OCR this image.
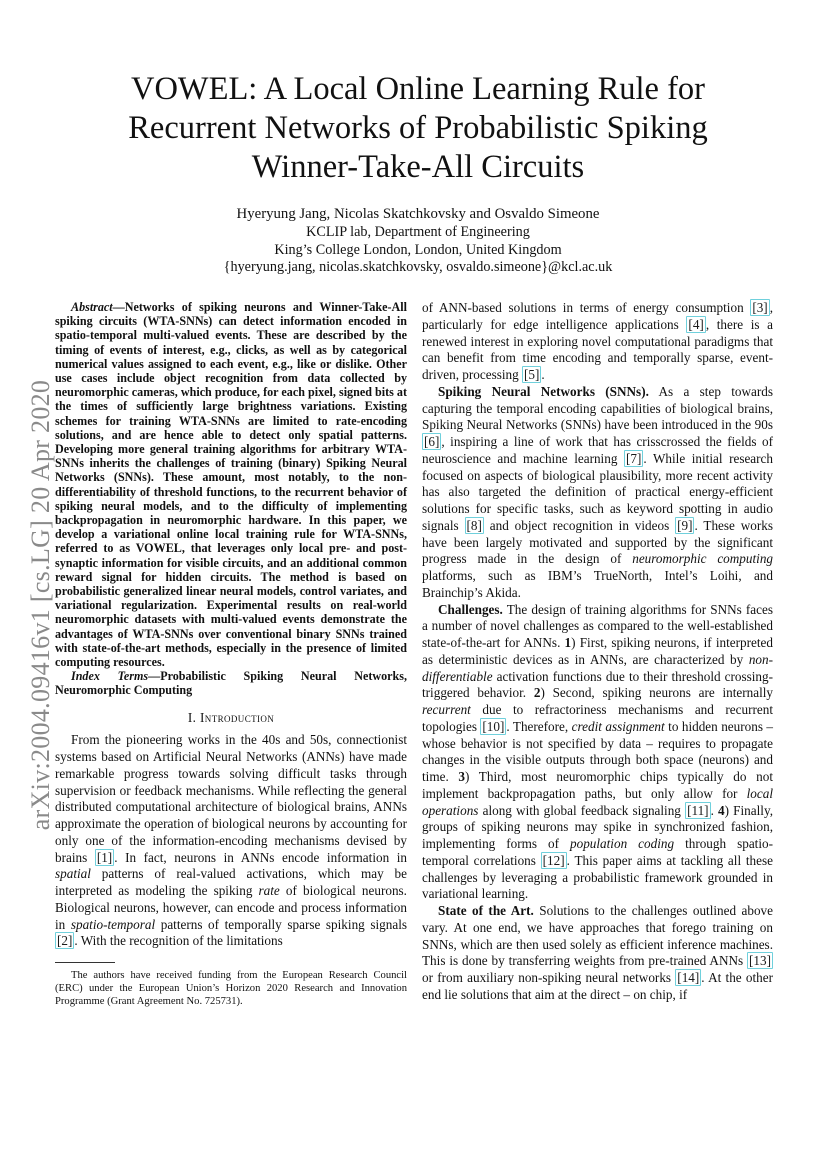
arXiv:2004.09416v1 [cs.LG] 20 Apr 2020
VOWEL: A Local Online Learning Rule for
Recurrent Networks of Probabilistic Spiking
Winner-Take-All Circuits
Hyeryung Jang, Nicolas Skatchkovsky and Osvaldo Simeone
KCLIP lab, Department of Engineering
King’s College London, London, United Kingdom
{hyeryung.jang, nicolas.skatchkovsky, osvaldo.simeone}@kcl.ac.uk

Abstract—Networks of spiking neurons and Winner-Take-All spiking circuits (WTA-SNNs) can detect information encoded in spatio-temporal multi-valued events. These are described by the timing of events of interest, e.g., clicks, as well as by categorical numerical values assigned to each event, e.g., like or dislike. Other use cases include object recognition from data collected by neuromorphic cameras, which produce, for each pixel, signed bits at the times of sufficiently large brightness variations. Existing schemes for training WTA-SNNs are limited to rate-encoding solutions, and are hence able to detect only spatial patterns. Developing more general training algorithms for arbitrary WTA-SNNs inherits the challenges of training (binary) Spiking Neural Networks (SNNs). These amount, most notably, to the non-differentiability of threshold functions, to the recurrent behavior of spiking neural models, and to the difficulty of implementing backpropagation in neuromorphic hardware. In this paper, we develop a variational online local training rule for WTA-SNNs, referred to as VOWEL, that leverages only local pre- and post-synaptic information for visible circuits, and an additional common reward signal for hidden circuits. The method is based on probabilistic generalized linear neural models, control variates, and variational regularization. Experimental results on real-world neuromorphic datasets with multi-valued events demonstrate the advantages of WTA-SNNs over conventional binary SNNs trained with state-of-the-art methods, especially in the presence of limited computing resources.

Index Terms—Probabilistic Spiking Neural Networks, Neuromorphic Computing

I. Introduction

From the pioneering works in the 40s and 50s, connectionist systems based on Artificial Neural Networks (ANNs) have made remarkable progress towards solving difficult tasks through supervision or feedback mechanisms. While reflecting the general distributed computational architecture of biological brains, ANNs approximate the operation of biological neurons by accounting for only one of the information-encoding mechanisms devised by brains [1] . In fact, neurons in ANNs encode information in spatial patterns of real-valued activations, which may be interpreted as modeling the spiking rate of biological neurons. Biological neurons, however, can encode and process information in spatio-temporal patterns of temporally sparse spiking signals [2] . With the recognition of the limitations

The authors have received funding from the European Research Council (ERC) under the European Union’s Horizon 2020 Research and Innovation Programme (Grant Agreement No. 725731).

of ANN-based solutions in terms of energy consumption [3] , particularly for edge intelligence applications [4] , there is a renewed interest in exploring novel computational paradigms that can benefit from time encoding and temporally sparse, event-driven, processing [5] .

Spiking Neural Networks (SNNs). As a step towards capturing the temporal encoding capabilities of biological brains, Spiking Neural Networks (SNNs) have been introduced in the 90s [6] , inspiring a line of work that has crisscrossed the fields of neuroscience and machine learning [7] . While initial research focused on aspects of biological plausibility, more recent activity has also targeted the definition of practical energy-efficient solutions for specific tasks, such as keyword spotting in audio signals [8] and object recognition in videos [9] . These works have been largely motivated and supported by the significant progress made in the design of neuromorphic computing platforms, such as IBM’s TrueNorth, Intel’s Loihi, and Brainchip’s Akida.

Challenges. The design of training algorithms for SNNs faces a number of novel challenges as compared to the well-established state-of-the-art for ANNs. 1) First, spiking neurons, if interpreted as deterministic devices as in ANNs, are characterized by non-differentiable activation functions due to their threshold crossing-triggered behavior. 2) Second, spiking neurons are internally recurrent due to refractoriness mechanisms and recurrent topologies [10] . Therefore, credit assignment to hidden neurons – whose behavior is not specified by data – requires to propagate changes in the visible outputs through both space (neurons) and time. 3) Third, most neuromorphic chips typically do not implement backpropagation paths, but only allow for local operations along with global feedback signaling [11] . 4) Finally, groups of spiking neurons may spike in synchronized fashion, implementing forms of population coding through spatio-temporal correlations [12] . This paper aims at tackling all these challenges by leveraging a probabilistic framework grounded in variational learning.

State of the Art. Solutions to the challenges outlined above vary. At one end, we have approaches that forego training on SNNs, which are then used solely as efficient inference machines. This is done by transferring weights from pre-trained ANNs [13] or from auxiliary non-spiking neural networks [14] . At the other end lie solutions that aim at the direct – on chip, if
